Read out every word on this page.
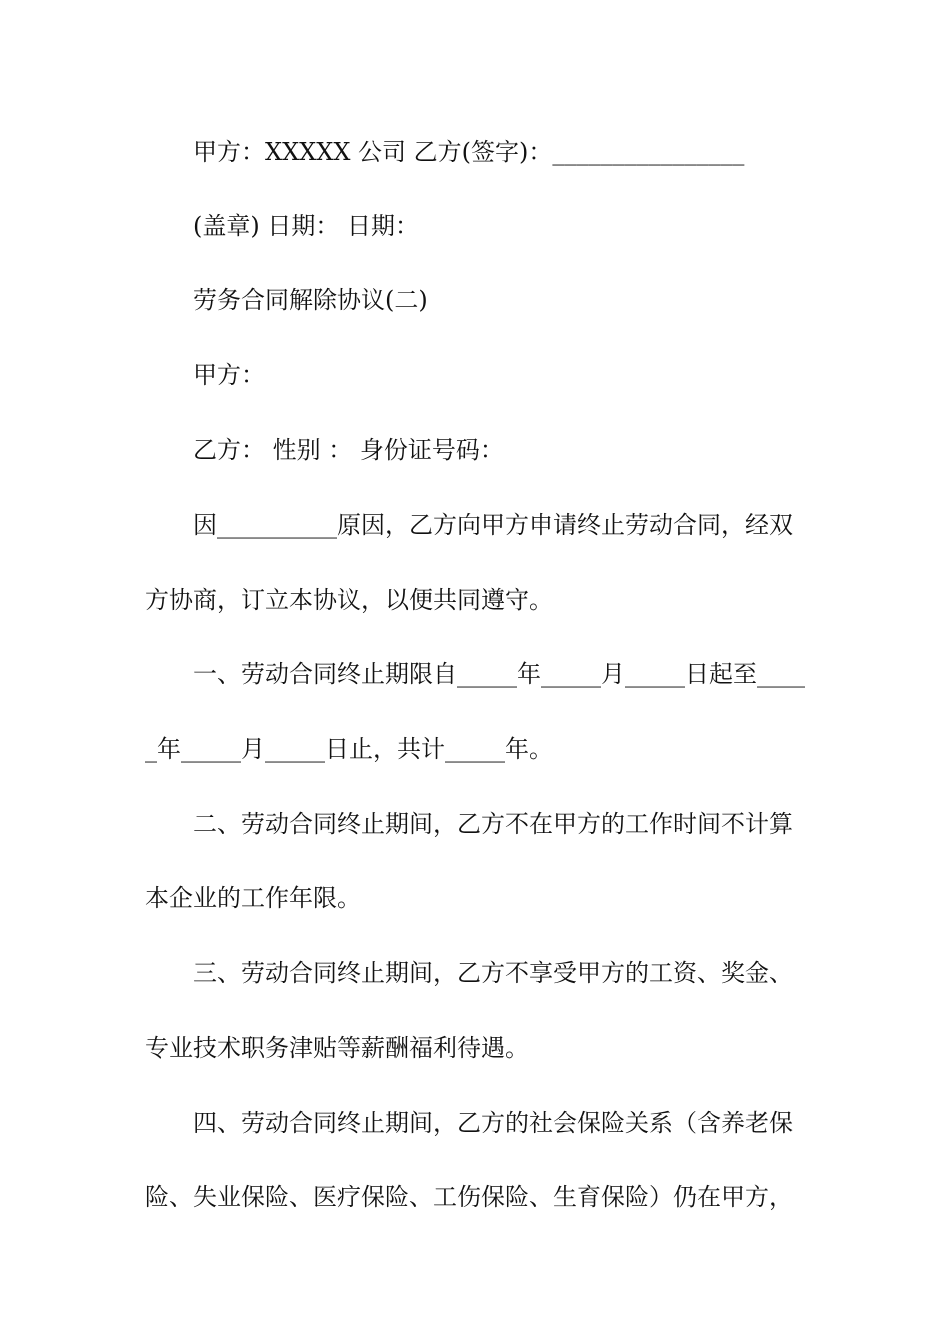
甲方：XXXXX 公司 乙方(签字)：________________
(盖章) 日期： 日期：
劳务合同解除协议(二)
甲方：
乙方： 性别 ： 身份证号码：
因__________原因，乙方向甲方申请终止劳动合同，经双
方协商，订立本协议，以便共同遵守。
一、劳动合同终止期限自_____年_____月_____日起至____
_年_____月_____日止，共计_____年。
二、劳动合同终止期间，乙方不在甲方的工作时间不计算
本企业的工作年限。
三、劳动合同终止期间，乙方不享受甲方的工资、奖金、
专业技术职务津贴等薪酬福利待遇。
四、劳动合同终止期间，乙方的社会保险关系（含养老保
险、失业保险、医疗保险、工伤保险、生育保险）仍在甲方，
